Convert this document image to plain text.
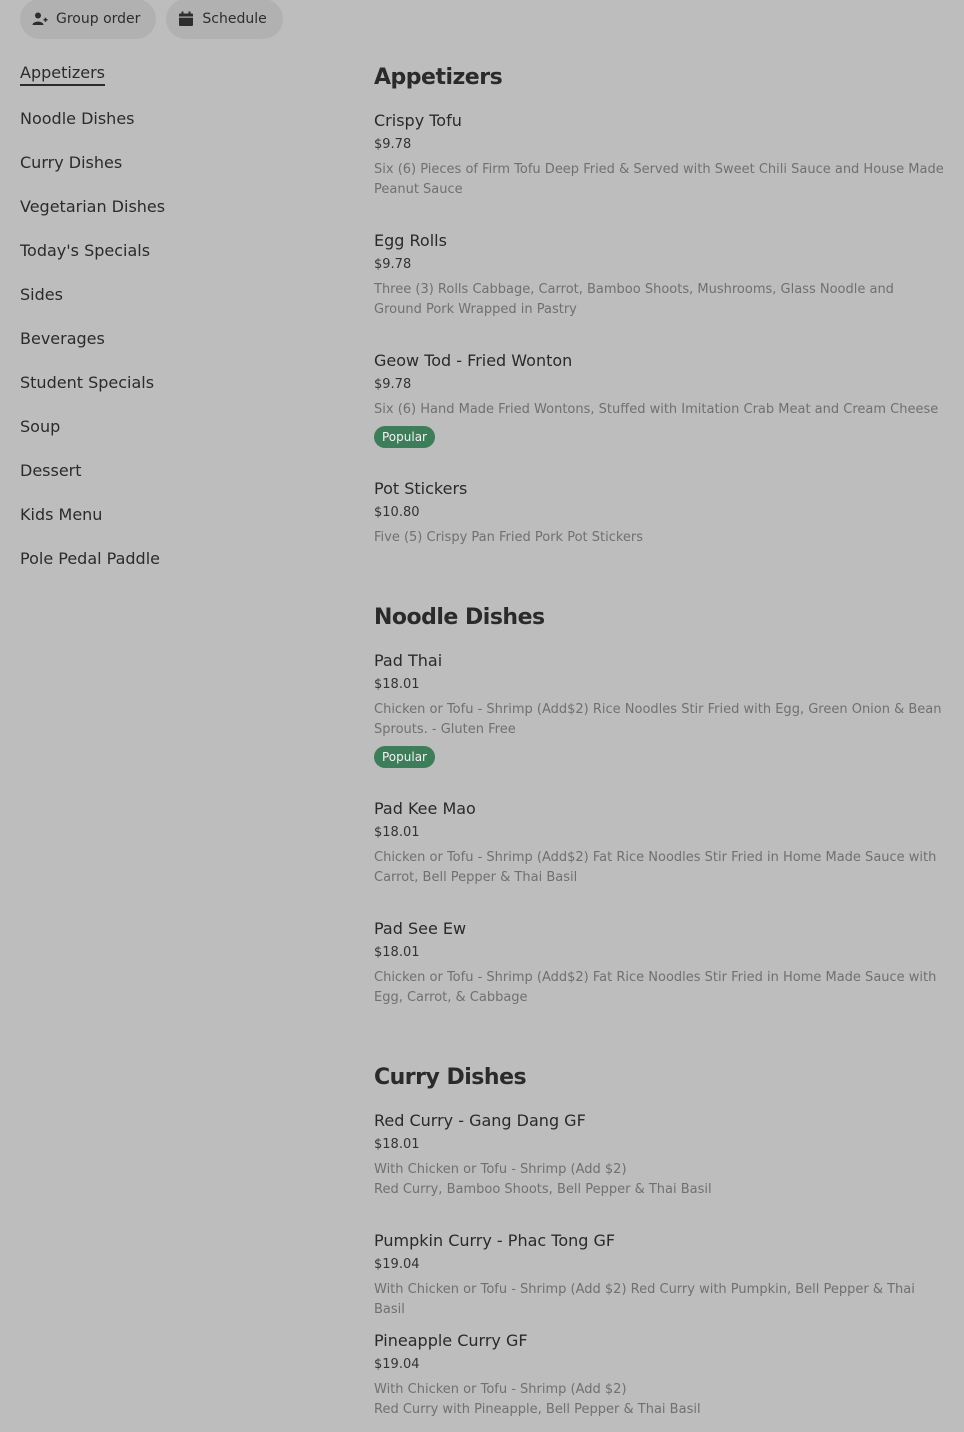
Group order	Schedule
Appetizers
Noodle Dishes
Curry Dishes
Vegetarian Dishes
Today's Specials
Sides
Beverages
Student Specials
Soup
Dessert
Kids Menu
Pole Pedal Paddle
Appetizers
Crispy Tofu
$9.78
Six (6) Pieces of Firm Tofu Deep Fried & Served with Sweet Chili Sauce and House Made Peanut Sauce
Egg Rolls
$9.78
Three (3) Rolls Cabbage, Carrot, Bamboo Shoots, Mushrooms, Glass Noodle and Ground Pork Wrapped in Pastry
Geow Tod - Fried Wonton
$9.78
Six (6) Hand Made Fried Wontons, Stuffed with Imitation Crab Meat and Cream Cheese
Popular
Pot Stickers
$10.80
Five (5) Crispy Pan Fried Pork Pot Stickers
Noodle Dishes
Pad Thai
$18.01
Chicken or Tofu - Shrimp (Add$2) Rice Noodles Stir Fried with Egg, Green Onion & Bean Sprouts. - Gluten Free
Popular
Pad Kee Mao
$18.01
Chicken or Tofu - Shrimp (Add$2) Fat Rice Noodles Stir Fried in Home Made Sauce with Carrot, Bell Pepper & Thai Basil
Pad See Ew
$18.01
Chicken or Tofu - Shrimp (Add$2) Fat Rice Noodles Stir Fried in Home Made Sauce with Egg, Carrot, & Cabbage
Curry Dishes
Red Curry - Gang Dang GF
$18.01
With Chicken or Tofu - Shrimp (Add $2)
Red Curry, Bamboo Shoots, Bell Pepper & Thai Basil
Pumpkin Curry - Phac Tong GF
$19.04
With Chicken or Tofu - Shrimp (Add $2) Red Curry with Pumpkin, Bell Pepper & Thai Basil
Pineapple Curry GF
$19.04
With Chicken or Tofu - Shrimp (Add $2)
Red Curry with Pineapple, Bell Pepper & Thai Basil
